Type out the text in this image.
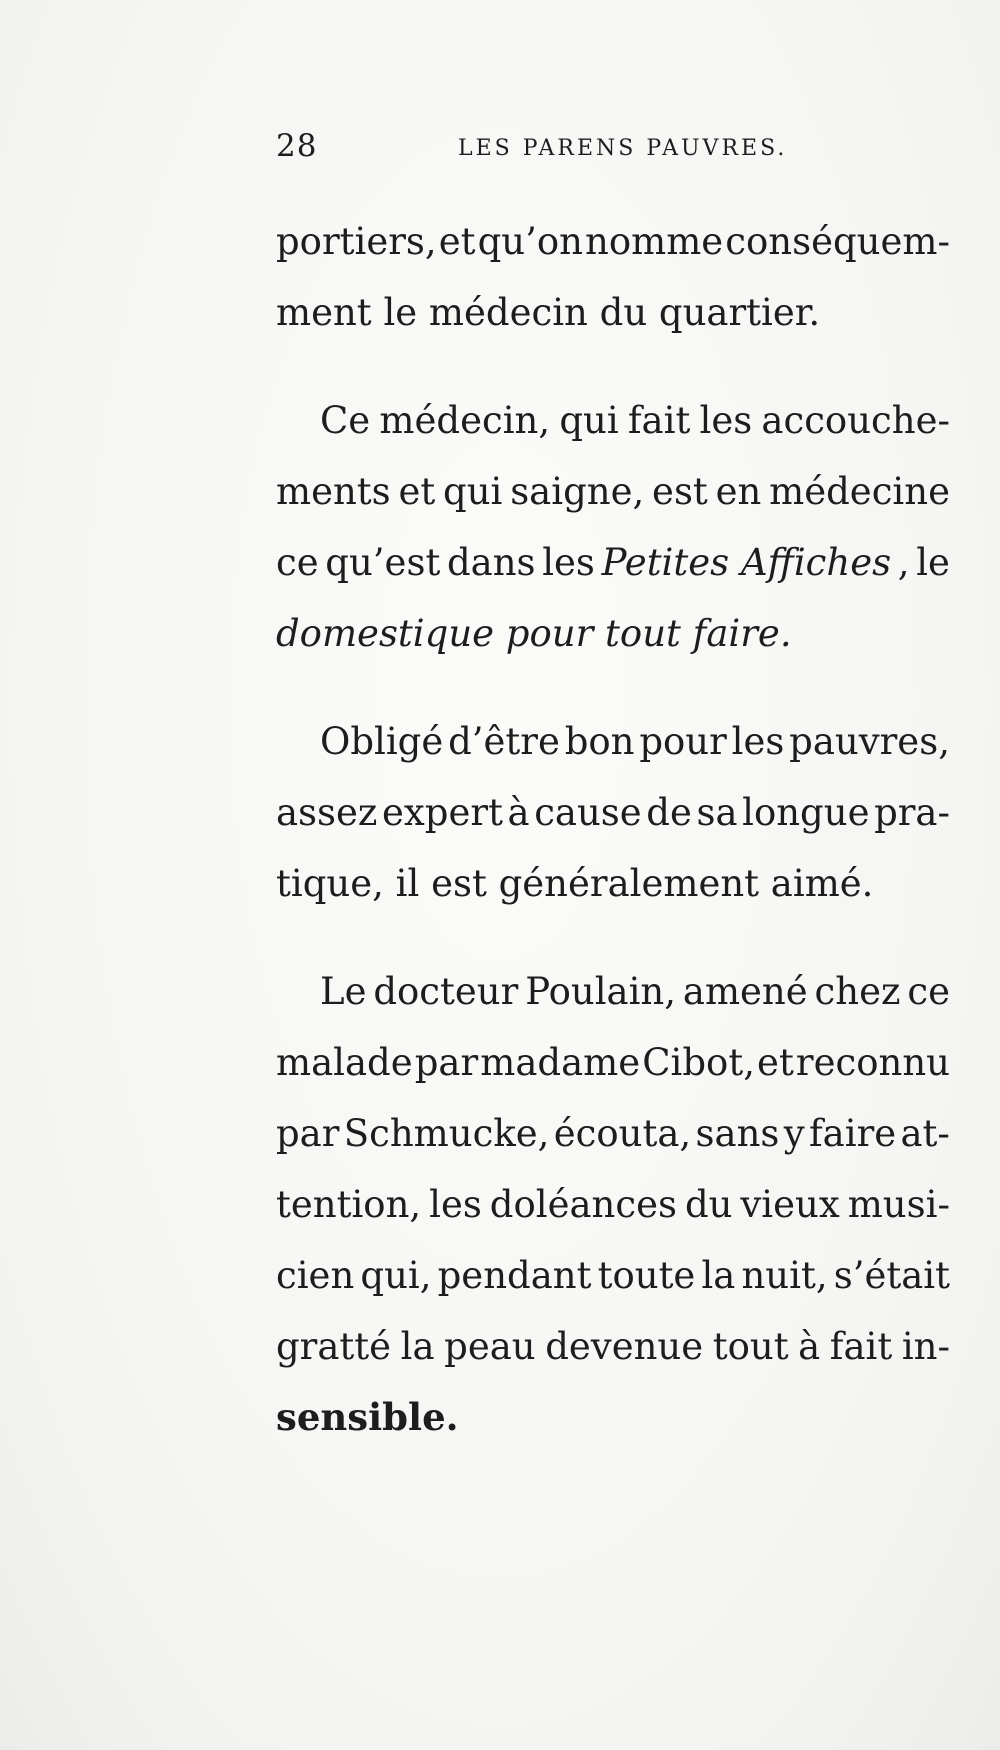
28	LES PARENS PAUVRES.
portiers, et qu’on nomme conséquem-
ment le médecin du quartier.
Ce médecin, qui fait les accouche-
ments et qui saigne, est en médecine
ce qu’est dans les Petites Affiches , le
domestique pour tout faire.
Obligé d’être bon pour les pauvres,
assez expert à cause de sa longue pra-
tique, il est généralement aimé.
Le docteur Poulain, amené chez ce
malade par madame Cibot, et reconnu
par Schmucke, écouta, sans y faire at-
tention, les doléances du vieux musi-
cien qui, pendant toute la nuit, s’était
gratté la peau devenue tout à fait in-
sensible.
